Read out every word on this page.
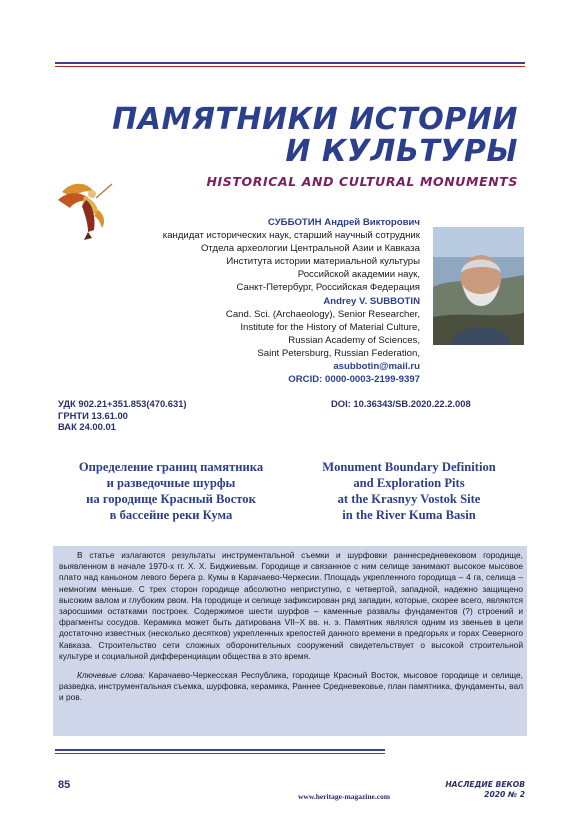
ПАМЯТНИКИ ИСТОРИИ
И КУЛЬТУРЫ
HISTORICAL AND CULTURAL MONUMENTS
СУББОТИН Андрей Викторович
кандидат исторических наук, старший научный сотрудник
Отдела археологии Центральной Азии и Кавказа
Института истории материальной культуры
Российской академии наук,
Санкт-Петербург, Российская Федерация
Andrey V. SUBBOTIN
Cand. Sci. (Archaeology), Senior Researcher,
Institute for the History of Material Culture,
Russian Academy of Sciences,
Saint Petersburg, Russian Federation,
asubbotin@mail.ru
ORCID: 0000-0003-2199-9397
УДК 902.21+351.853(470.631)
ГРНТИ 13.61.00
ВАК 24.00.01
DOI: 10.36343/SB.2020.22.2.008
Определение границ памятника
и разведочные шурфы
на городище Красный Восток
в бассейне реки Кума
Monument Boundary Definition
and Exploration Pits
at the Krasnyy Vostok Site
in the River Kuma Basin

В статье излагаются результаты инструментальной съемки и шурфовки раннесредневековом городище, выявленном в начале 1970-х гг. Х. Х. Биджиевым. Городище и связанное с ним селище занимают высокое мысовое плато над каньоном левого берега р. Кумы в Карачаево-Черкесии. Площадь укрепленного городища – 4 га, селища – немногим меньше. С трех сторон городище абсолютно неприступно, с четвертой, западной, надежно защищено высоким валом и глубоким рвом. На городище и селище зафиксирован ряд западин, которые, скорее всего, являются заросшими остатками построек. Содержимое шести шурфов – каменные развалы фундаментов (?) строений и фрагменты сосудов. Керамика может быть датирована VII–X вв. н. э. Памятник являлся одним из звеньев в цепи достаточно известных (несколько десятков) укрепленных крепостей данного времени в предгорьях и горах Северного Кавказа. Строительство сети сложных оборонительных сооружений свидетельствует о высокой строительной культуре и социальной дифференциации общества в это время.

Ключевые слова: Карачаево-Черкесская Республика, городище Красный Восток, мысовое городище и селище, разведка, инструментальная съемка, шурфовка, керамика, Раннее Средневековье, план памятника, фундаменты, вал и ров.

85
www.heritage-magazine.com
НАСЛЕДИЕ ВЕКОВ
2020 № 2
